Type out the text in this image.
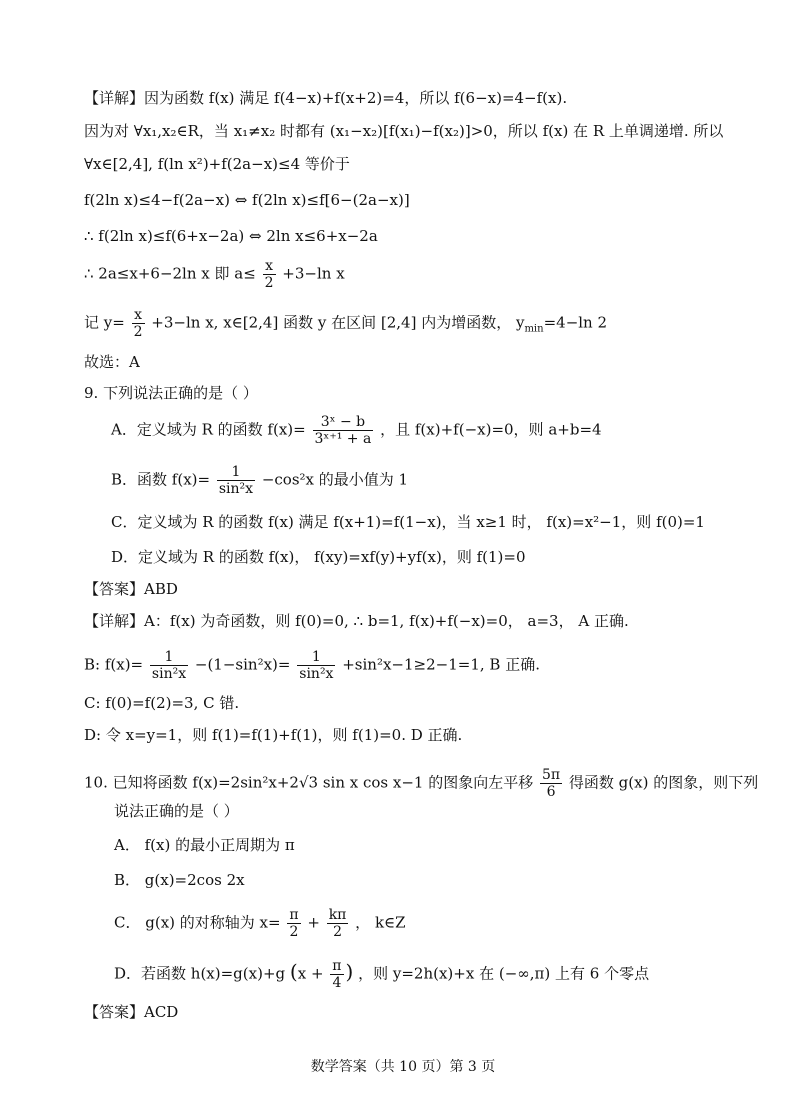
【详解】因为函数 f(x) 满足 f(4−x)+f(x+2)=4，所以 f(6−x)=4−f(x).
因为对 ∀x₁,x₂∈R，当 x₁≠x₂ 时都有 (x₁−x₂)[f(x₁)−f(x₂)]>0，所以 f(x) 在 R 上单调递增. 所以
∀x∈[2,4], f(ln x²)+f(2a−x)≤4 等价于
f(2ln x)≤4−f(2a−x) ⇔ f(2ln x)≤f[6−(2a−x)]
∴ f(2ln x)≤f(6+x−2a) ⇔ 2ln x≤6+x−2a
∴ 2a≤x+6−2ln x 即 $a\le \frac{x}{2} +3-\ln$ x
记 $y= \frac{x}{2} +3-\ln$ x, x∈[2,4] 函数 y 在区间 [2,4] 内为增函数， $y_{min}=4-\ln$ 2
故选：A
9. 下列说法正确的是（ ）
A．定义域为 R 的函数 $f(x)= \frac{\text{3ˣ − b}}{\text{3ˣ⁺¹ + a}}$ ，且 f(x)+f(−x)=0，则 a+b=4
B．函数 $f(x)= \frac{1}{\text{sin²x}} -\cos^2x$ 的最小值为 1
C．定义域为 R 的函数 f(x) 满足 f(x+1)=f(1−x)，当 x≥1 时， f(x)=x²−1，则 f(0)=1
D．定义域为 R 的函数 f(x)， f(xy)=xf(y)+yf(x)，则 f(1)=0
【答案】ABD
【详解】A：f(x) 为奇函数，则 f(0)=0, ∴ b=1, f(x)+f(−x)=0， a=3， A 正确.
B: $f(x)= \frac{1}{\text{sin²x}} -(1-\sin^2x)= \frac{1}{\text{sin²x}} +\sin^2x-1\ge 2-1=1$, B 正确.
C: f(0)=f(2)=3, C 错.
D: 令 x=y=1，则 f(1)=f(1)+f(1)，则 f(1)=0. D 正确.
10. 已知将函数 f(x)=2sin²x+2√3 sin x cos x−1 的图象向左平移 $\frac{5\pi}{6}$ 得函数 g(x) 的图象，则下列
说法正确的是（ ）
A． f(x) 的最小正周期为 π
B． g(x)=2cos 2x
C． g(x) 的对称轴为 $x= \frac{\pi}{2} + \frac{k\pi}{2}$ ， k∈Z
D．若函数 h(x)=g(x)+g ($x + \frac{\pi}{4}$ ) ，则 y=2h(x)+x 在 (−∞,π) 上有 6 个零点
【答案】ACD
数学答案（共 10 页）第 3 页
